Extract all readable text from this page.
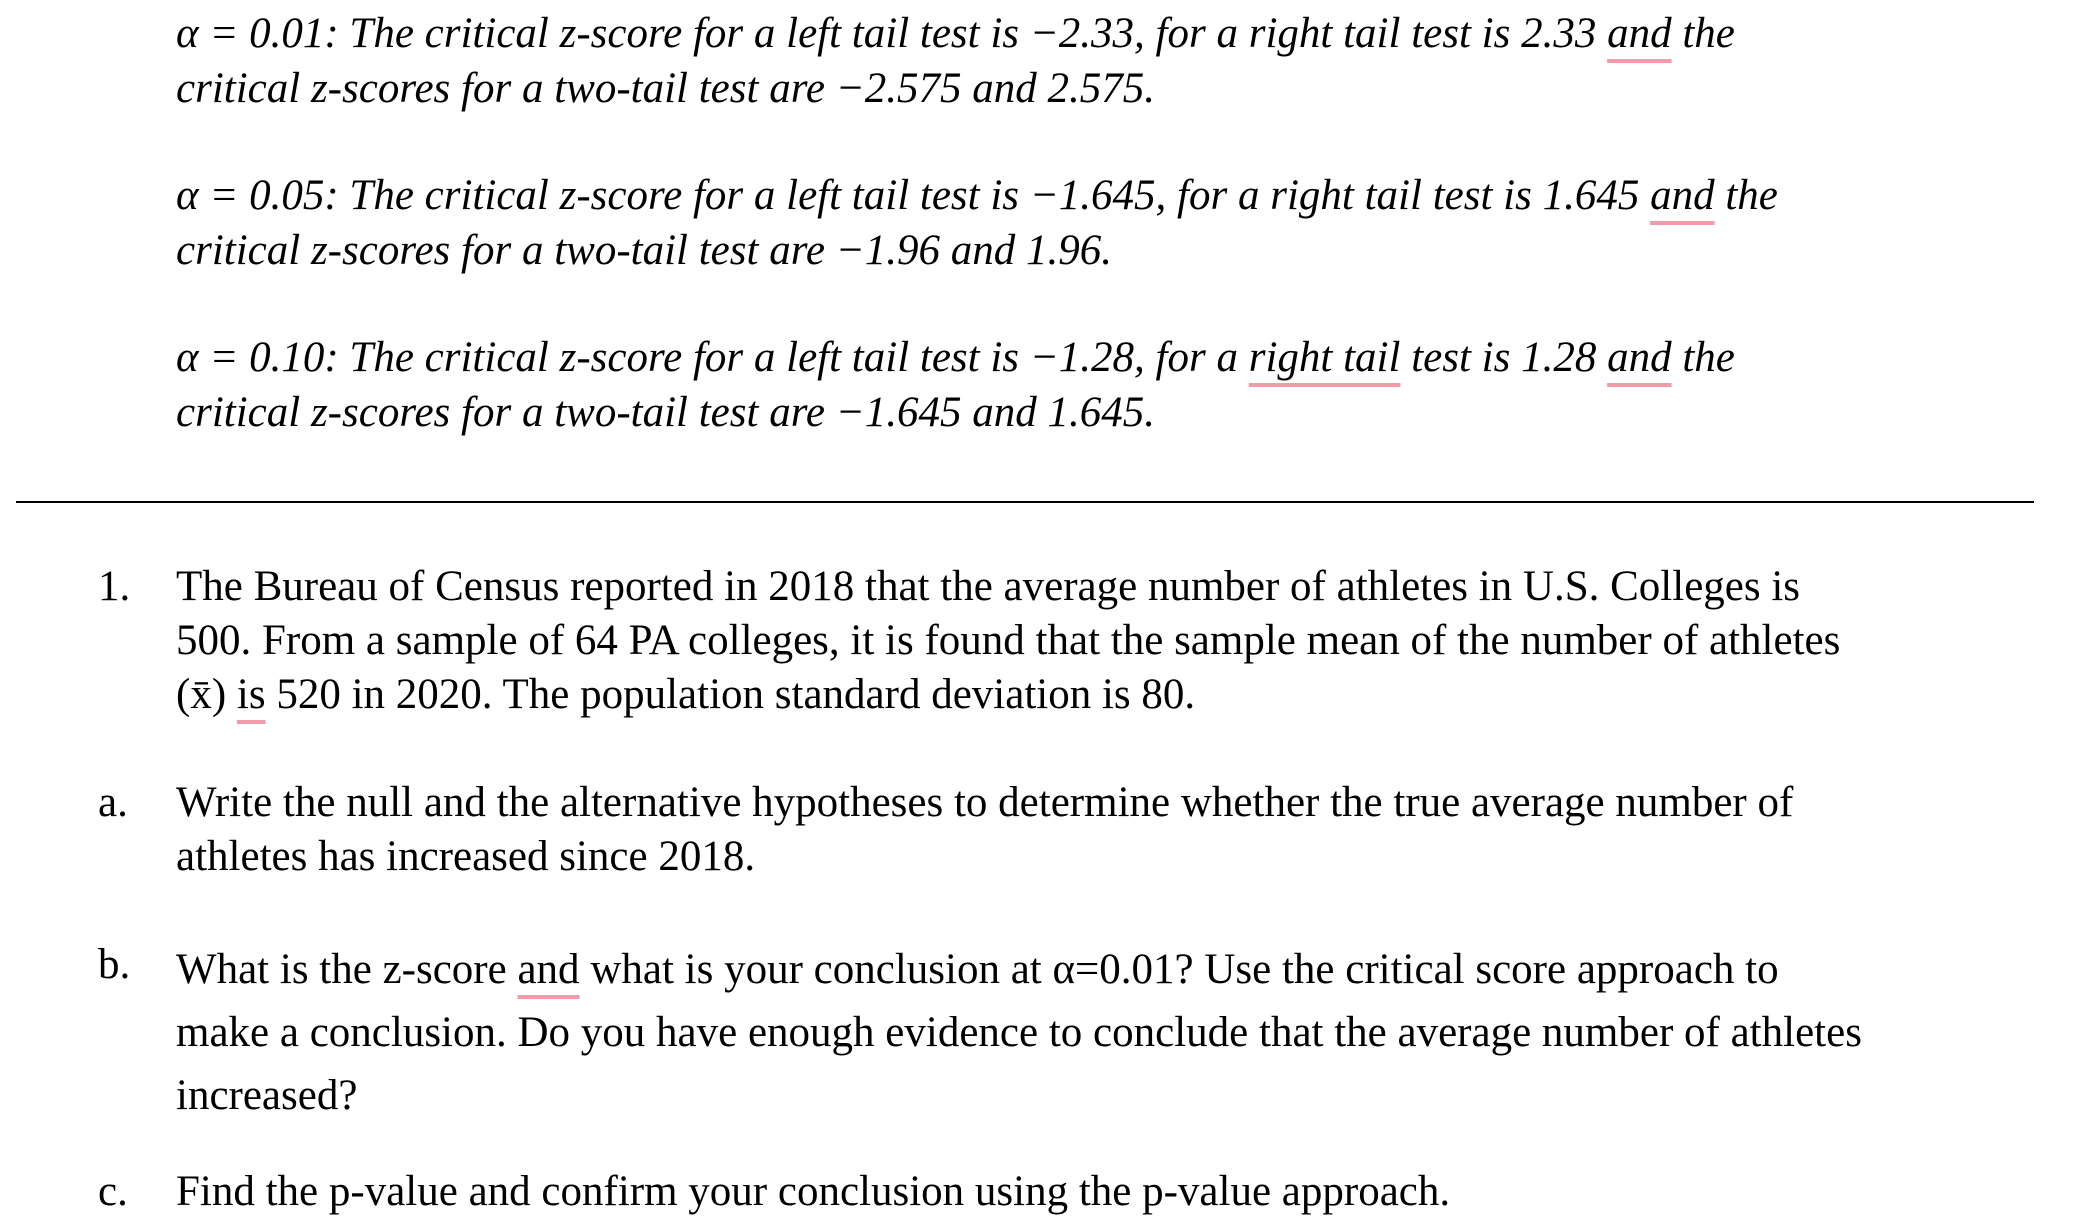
α = 0.01: The critical z-score for a left tail test is −2.33, for a right tail test is 2.33 and the
critical z-scores for a two-tail test are −2.575 and 2.575.
α = 0.05: The critical z-score for a left tail test is −1.645, for a right tail test is 1.645 and the
critical z-scores for a two-tail test are −1.96 and 1.96.
α = 0.10: The critical z-score for a left tail test is −1.28, for a right tail test is 1.28 and the
critical z-scores for a two-tail test are −1.645 and 1.645.
1. The Bureau of Census reported in 2018 that the average number of athletes in U.S. Colleges is
500. From a sample of 64 PA colleges, it is found that the sample mean of the number of athletes
(x̄) is 520 in 2020. The population standard deviation is 80.
a. Write the null and the alternative hypotheses to determine whether the true average number of
athletes has increased since 2018.
b. What is the z-score and what is your conclusion at α=0.01? Use the critical score approach to
make a conclusion. Do you have enough evidence to conclude that the average number of athletes
increased?
c. Find the p-value and confirm your conclusion using the p-value approach.
